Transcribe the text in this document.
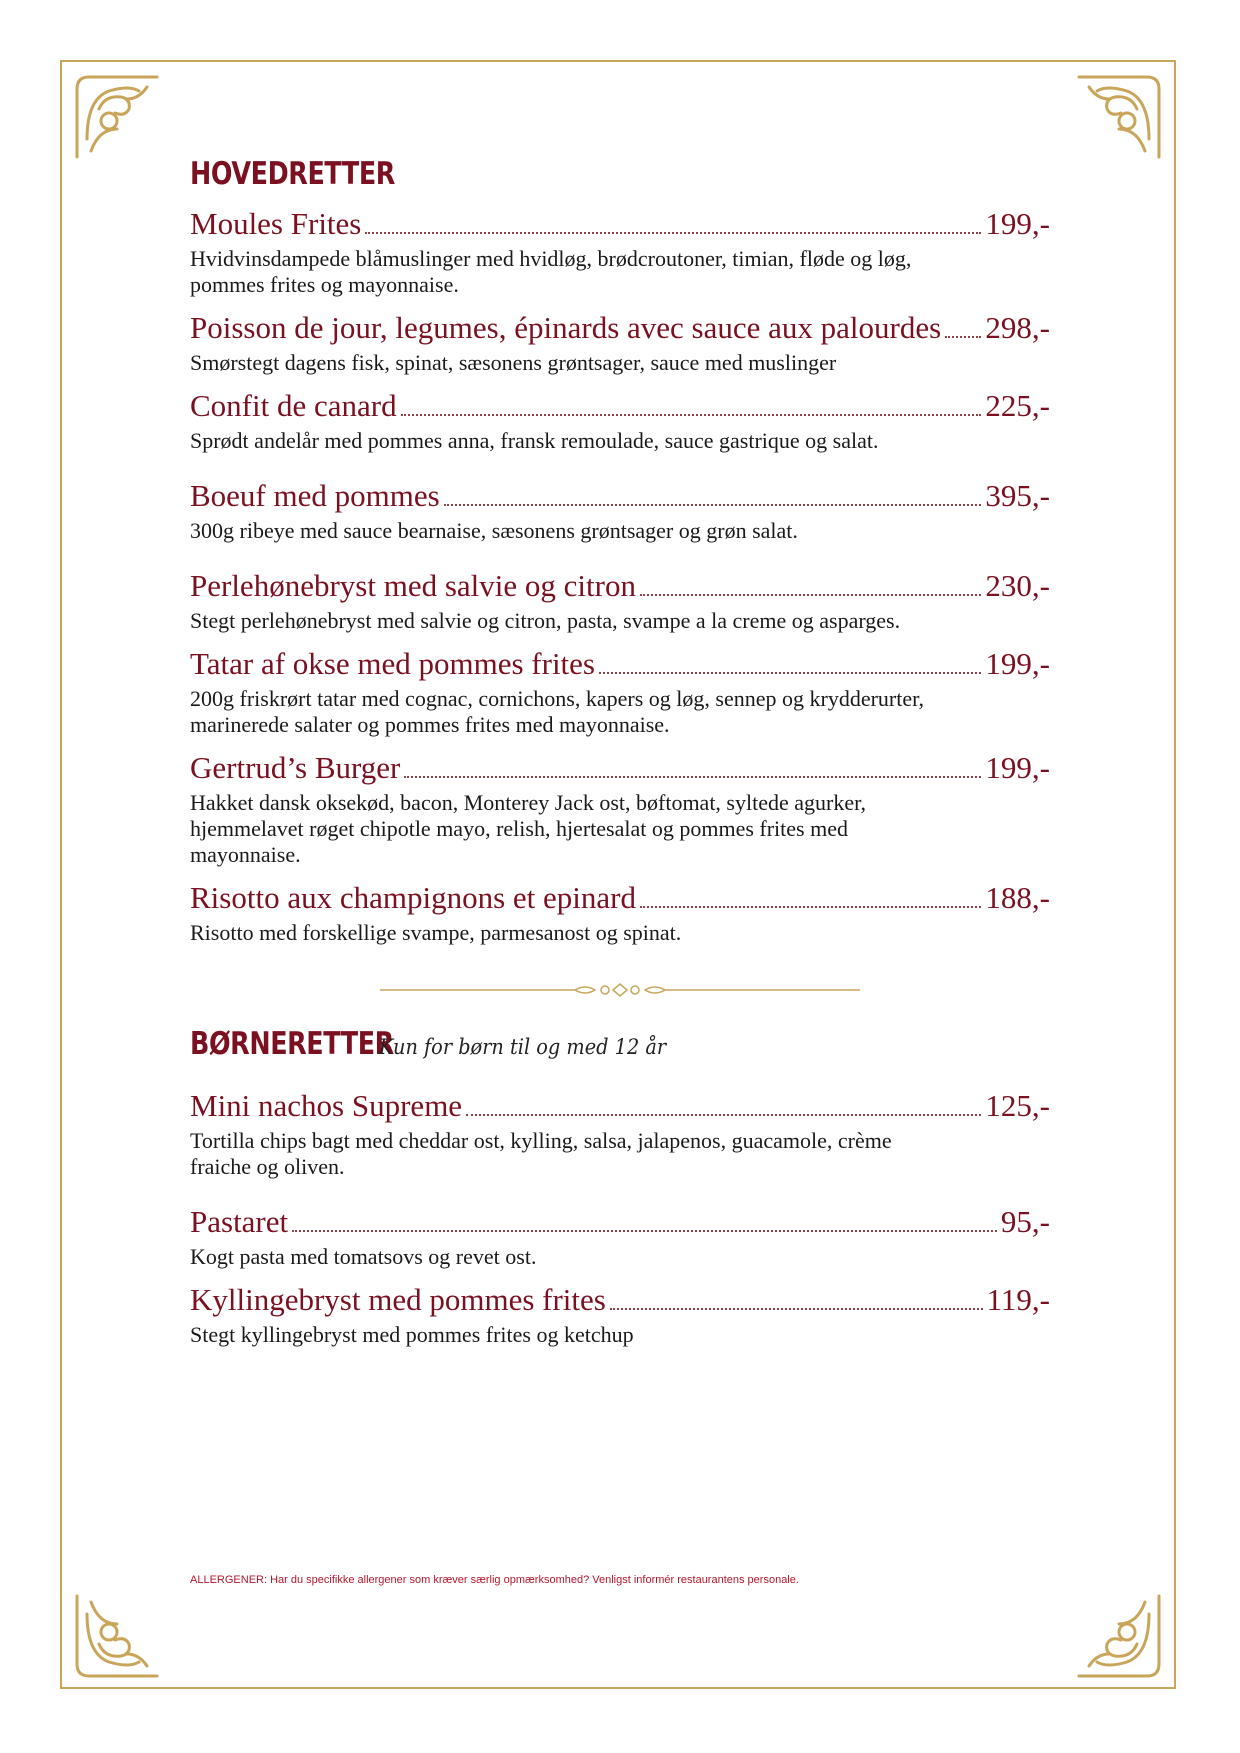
HOVEDRETTER
Moules Frites	199,-
Hvidvinsdampede blåmuslinger med hvidløg, brødcroutoner, timian, fløde og løg, pommes frites og mayonnaise.
Poisson de jour, legumes, épinards avec sauce aux palourdes 298,-
Smørstegt dagens fisk, spinat, sæsonens grøntsager, sauce med muslinger
Confit de canard	225,-
Sprødt andelår med pommes anna, fransk remoulade, sauce gastrique og salat.
Boeuf med pommes	395,-
300g ribeye med sauce bearnaise, sæsonens grøntsager og grøn salat.
Perlehønebryst med salvie og citron	230,-
Stegt perlehønebryst med salvie og citron, pasta, svampe a la creme og asparges.
Tatar af okse med pommes frites	199,-
200g friskrørt tatar med cognac, cornichons, kapers og løg, sennep og krydderurter, marinerede salater og pommes frites med mayonnaise.
Gertrud’s Burger	199,-
Hakket dansk oksekød, bacon, Monterey Jack ost, bøftomat, syltede agurker, hjemmelavet røget chipotle mayo, relish, hjertesalat og pommes frites med mayonnaise.
Risotto aux champignons et epinard	188,-
Risotto med forskellige svampe, parmesanost og spinat.
BØRNERETTER
Kun for børn til og med 12 år
Mini nachos Supreme	125,-
Tortilla chips bagt med cheddar ost, kylling, salsa, jalapenos, guacamole, crème fraiche og oliven.
Pastaret	95,-
Kogt pasta med tomatsovs og revet ost.
Kyllingebryst med pommes frites	119,-
Stegt kyllingebryst med pommes frites og ketchup
ALLERGENER: Har du specifikke allergener som kræver særlig opmærksomhed? Venligst informér restaurantens personale.
